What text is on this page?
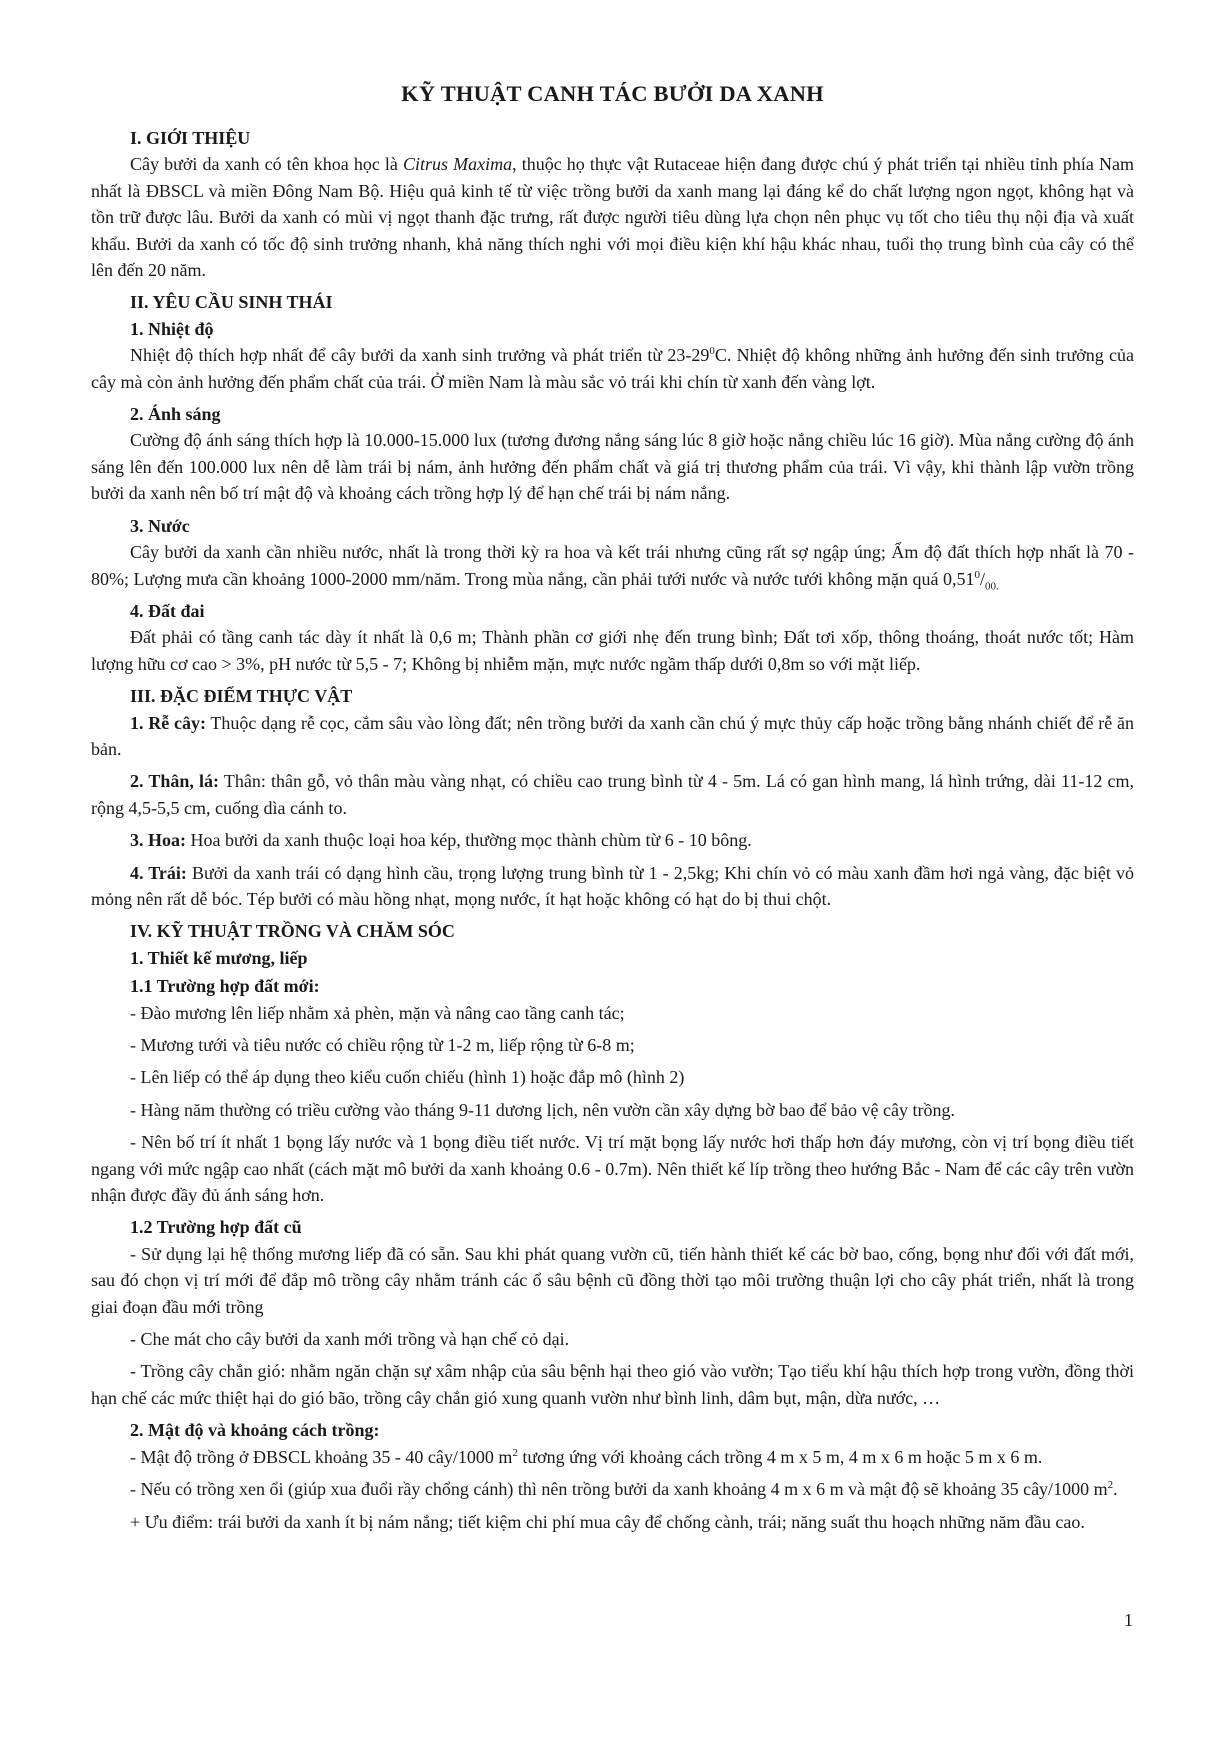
KỸ THUẬT CANH TÁC BƯỞI DA XANH
I. GIỚI THIỆU

Cây bưởi da xanh có tên khoa học là Citrus Maxima, thuộc họ thực vật Rutaceae hiện đang được chú ý phát triển tại nhiều tỉnh phía Nam nhất là ĐBSCL và miền Đông Nam Bộ. Hiệu quả kinh tế từ việc trồng bưởi da xanh mang lại đáng kể do chất lượng ngon ngọt, không hạt và tồn trữ được lâu. Bưởi da xanh có mùi vị ngọt thanh đặc trưng, rất được người tiêu dùng lựa chọn nên phục vụ tốt cho tiêu thụ nội địa và xuất khẩu. Bưởi da xanh có tốc độ sinh trưởng nhanh, khả năng thích nghi với mọi điều kiện khí hậu khác nhau, tuổi thọ trung bình của cây có thể lên đến 20 năm.

II. YÊU CẦU SINH THÁI
1. Nhiệt độ

Nhiệt độ thích hợp nhất để cây bưởi da xanh sinh trưởng và phát triển từ $23-29^0C$. Nhiệt độ không những ảnh hưởng đến sinh trưởng của cây mà còn ảnh hưởng đến phẩm chất của trái. Ở miền Nam là màu sắc vỏ trái khi chín từ xanh đến vàng lợt.

2. Ánh sáng

Cường độ ánh sáng thích hợp là 10.000-15.000 lux (tương đương nắng sáng lúc 8 giờ hoặc nắng chiều lúc 16 giờ). Mùa nắng cường độ ánh sáng lên đến 100.000 lux nên dễ làm trái bị nám, ảnh hưởng đến phẩm chất và giá trị thương phẩm của trái. Vì vậy, khi thành lập vườn trồng bưởi da xanh nên bố trí mật độ và khoảng cách trồng hợp lý để hạn chế trái bị nám nắng.

3. Nước

Cây bưởi da xanh cần nhiều nước, nhất là trong thời kỳ ra hoa và kết trái nhưng cũng rất sợ ngập úng; Ẩm độ đất thích hợp nhất là 70 - 80%; Lượng mưa cần khoảng 1000-2000 mm/năm. Trong mùa nắng, cần phải tưới nước và nước tưới không mặn quá $0,51^0/_{00.}$

4. Đất đai

Đất phải có tầng canh tác dày ít nhất là 0,6 m; Thành phần cơ giới nhẹ đến trung bình; Đất tơi xốp, thông thoáng, thoát nước tốt; Hàm lượng hữu cơ cao > 3%, pH nước từ 5,5 - 7; Không bị nhiễm mặn, mực nước ngầm thấp dưới 0,8m so với mặt liếp.

III. ĐẶC ĐIỂM THỰC VẬT

1. Rễ cây: Thuộc dạng rễ cọc, cắm sâu vào lòng đất; nên trồng bưởi da xanh cần chú ý mực thủy cấp hoặc trồng bằng nhánh chiết để rễ ăn bản.

2. Thân, lá: Thân: thân gỗ, vỏ thân màu vàng nhạt, có chiều cao trung bình từ 4 - 5m. Lá có gan hình mang, lá hình trứng, dài 11-12 cm, rộng 4,5-5,5 cm, cuống dìa cánh to.

3. Hoa: Hoa bưởi da xanh thuộc loại hoa kép, thường mọc thành chùm từ 6 - 10 bông.

4. Trái: Bưởi da xanh trái có dạng hình cầu, trọng lượng trung bình từ 1 - 2,5kg; Khi chín vỏ có màu xanh đầm hơi ngả vàng, đặc biệt vỏ mỏng nên rất dễ bóc. Tép bưởi có màu hồng nhạt, mọng nước, ít hạt hoặc không có hạt do bị thui chột.

IV. KỸ THUẬT TRỒNG VÀ CHĂM SÓC
1. Thiết kế mương, liếp
1.1 Trường hợp đất mới:

- Đào mương lên liếp nhằm xả phèn, mặn và nâng cao tầng canh tác;

- Mương tưới và tiêu nước có chiều rộng từ 1-2 m, liếp rộng từ 6-8 m;

- Lên liếp có thể áp dụng theo kiểu cuốn chiếu (hình 1) hoặc đắp mô (hình 2)

- Hàng năm thường có triều cường vào tháng 9-11 dương lịch, nên vườn cần xây dựng bờ bao để bảo vệ cây trồng.

- Nên bố trí ít nhất 1 bọng lấy nước và 1 bọng điều tiết nước. Vị trí mặt bọng lấy nước hơi thấp hơn đáy mương, còn vị trí bọng điều tiết ngang với mức ngập cao nhất (cách mặt mô bưởi da xanh khoảng 0.6 - 0.7m). Nên thiết kế líp trồng theo hướng Bắc - Nam để các cây trên vườn nhận được đầy đủ ánh sáng hơn.

1.2 Trường hợp đất cũ

- Sử dụng lại hệ thống mương liếp đã có sẵn. Sau khi phát quang vườn cũ, tiến hành thiết kế các bờ bao, cống, bọng như đối với đất mới, sau đó chọn vị trí mới để đắp mô trồng cây nhằm tránh các ổ sâu bệnh cũ đồng thời tạo môi trường thuận lợi cho cây phát triển, nhất là trong giai đoạn đầu mới trồng

- Che mát cho cây bưởi da xanh mới trồng và hạn chế cỏ dại.

- Trồng cây chắn gió: nhằm ngăn chặn sự xâm nhập của sâu bệnh hại theo gió vào vườn; Tạo tiểu khí hậu thích hợp trong vườn, đồng thời hạn chế các mức thiệt hại do gió bão, trồng cây chắn gió xung quanh vườn như bình linh, dâm bụt, mận, dừa nước, …

2. Mật độ và khoảng cách trồng:

- Mật độ trồng ở ĐBSCL khoảng 35 - 40 cây/1000 $m^2$ tương ứng với khoảng cách trồng 4 m x 5 m, 4 m x 6 m hoặc 5 m x 6 m.

- Nếu có trồng xen ổi (giúp xua đuổi rầy chổng cánh) thì nên trồng bưởi da xanh khoảng 4 m x 6 m và mật độ sẽ khoảng 35 cây/1000 $m^2$.

+ Ưu điểm: trái bưởi da xanh ít bị nám nắng; tiết kiệm chi phí mua cây để chống cành, trái; năng suất thu hoạch những năm đầu cao.

1
